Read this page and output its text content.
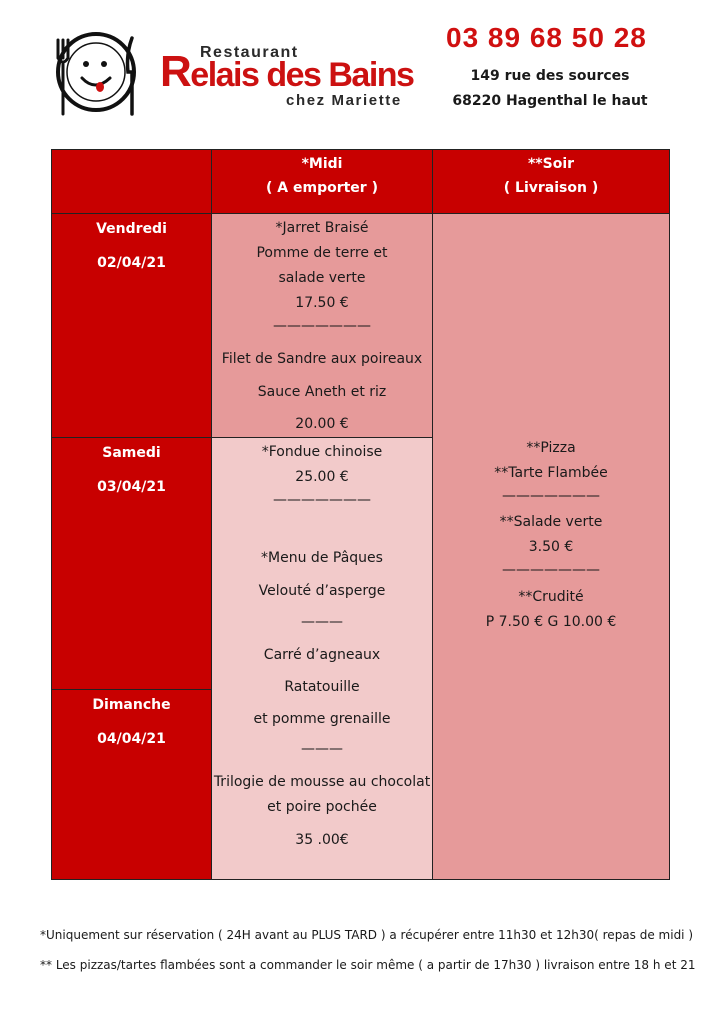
Restaurant
Relais des Bains
chez Mariette
03 89 68 50 28
149 rue des sources
68220 Hagenthal le haut
*Midi
( A emporter )
**Soir
( Livraison )
Vendredi
02/04/21
Samedi
03/04/21
Dimanche
04/04/21
*Jarret Braisé
Pomme de terre et
salade verte
17.50 €
———————
Filet de Sandre aux poireaux
Sauce Aneth et riz
20.00 €
*Fondue chinoise
25.00 €
———————
*Menu de Pâques
Velouté d’asperge
———
Carré d’agneaux
Ratatouille
et pomme grenaille
———
Trilogie de mousse au chocolat
et poire pochée
35 .00€
**Pizza
**Tarte Flambée
———————
**Salade verte
3.50 €
———————
**Crudité
P 7.50 € G 10.00 €
*Uniquement sur réservation ( 24H avant au PLUS TARD ) a récupérer entre 11h30 et 12h30( repas de midi )
** Les pizzas/tartes flambées sont a commander le soir même ( a partir de 17h30 ) livraison entre 18 h et 21
